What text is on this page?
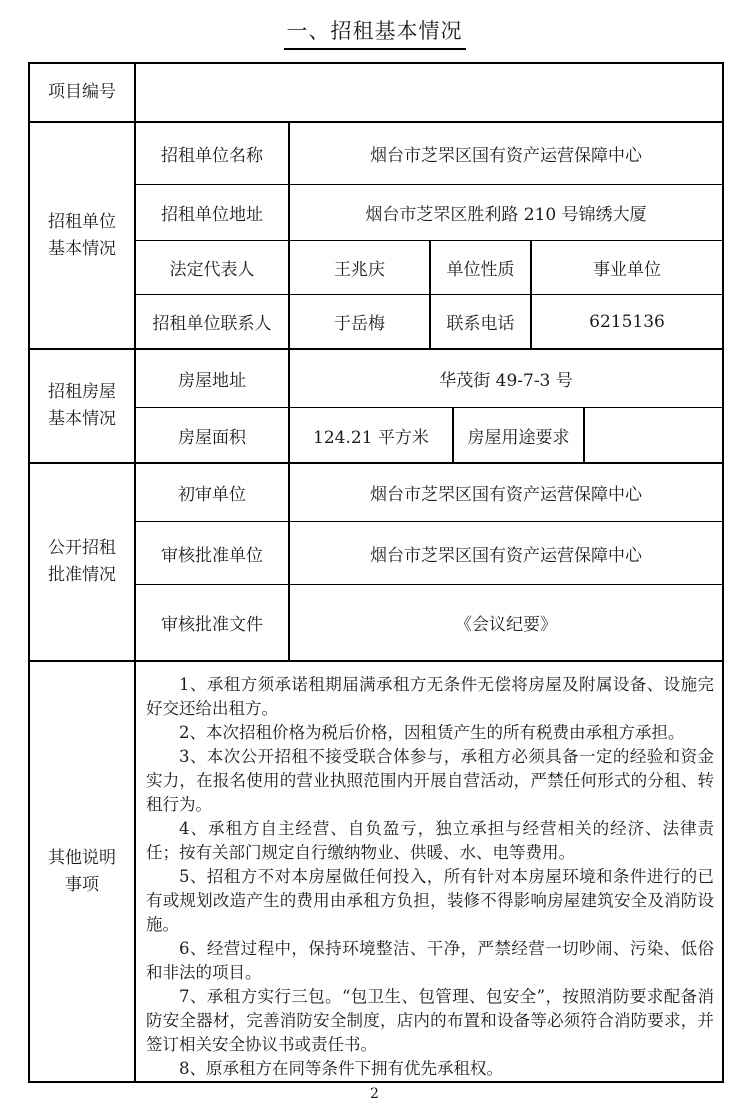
一、招租基本情况
项目编号
招租单位基本情况
招租单位名称	烟台市芝罘区国有资产运营保障中心
招租单位地址	烟台市芝罘区胜利路 210 号锦绣大厦
法定代表人	王兆庆	单位性质	事业单位
招租单位联系人	于岳梅	联系电话	6215136
招租房屋基本情况
房屋地址	华茂街 49-7-3 号
房屋面积	124.21 平方米	房屋用途要求
公开招租批准情况
初审单位	烟台市芝罘区国有资产运营保障中心
审核批准单位	烟台市芝罘区国有资产运营保障中心
审核批准文件	《会议纪要》
其他说明事项

1、承租方须承诺租期届满承租方无条件无偿将房屋及附属设备、设施完好交还给出租方。

2、本次招租价格为税后价格，因租赁产生的所有税费由承租方承担。

3、本次公开招租不接受联合体参与，承租方必须具备一定的经验和资金实力，在报名使用的营业执照范围内开展自营活动，严禁任何形式的分租、转租行为。

4、承租方自主经营、自负盈亏，独立承担与经营相关的经济、法律责任；按有关部门规定自行缴纳物业、供暖、水、电等费用。

5、招租方不对本房屋做任何投入，所有针对本房屋环境和条件进行的已有或规划改造产生的费用由承租方负担，装修不得影响房屋建筑安全及消防设施。

6、经营过程中，保持环境整洁、干净，严禁经营一切吵闹、污染、低俗和非法的项目。

7、承租方实行三包。“包卫生、包管理、包安全”，按照消防要求配备消防安全器材，完善消防安全制度，店内的布置和设备等必须符合消防要求，并签订相关安全协议书或责任书。

8、原承租方在同等条件下拥有优先承租权。

2
